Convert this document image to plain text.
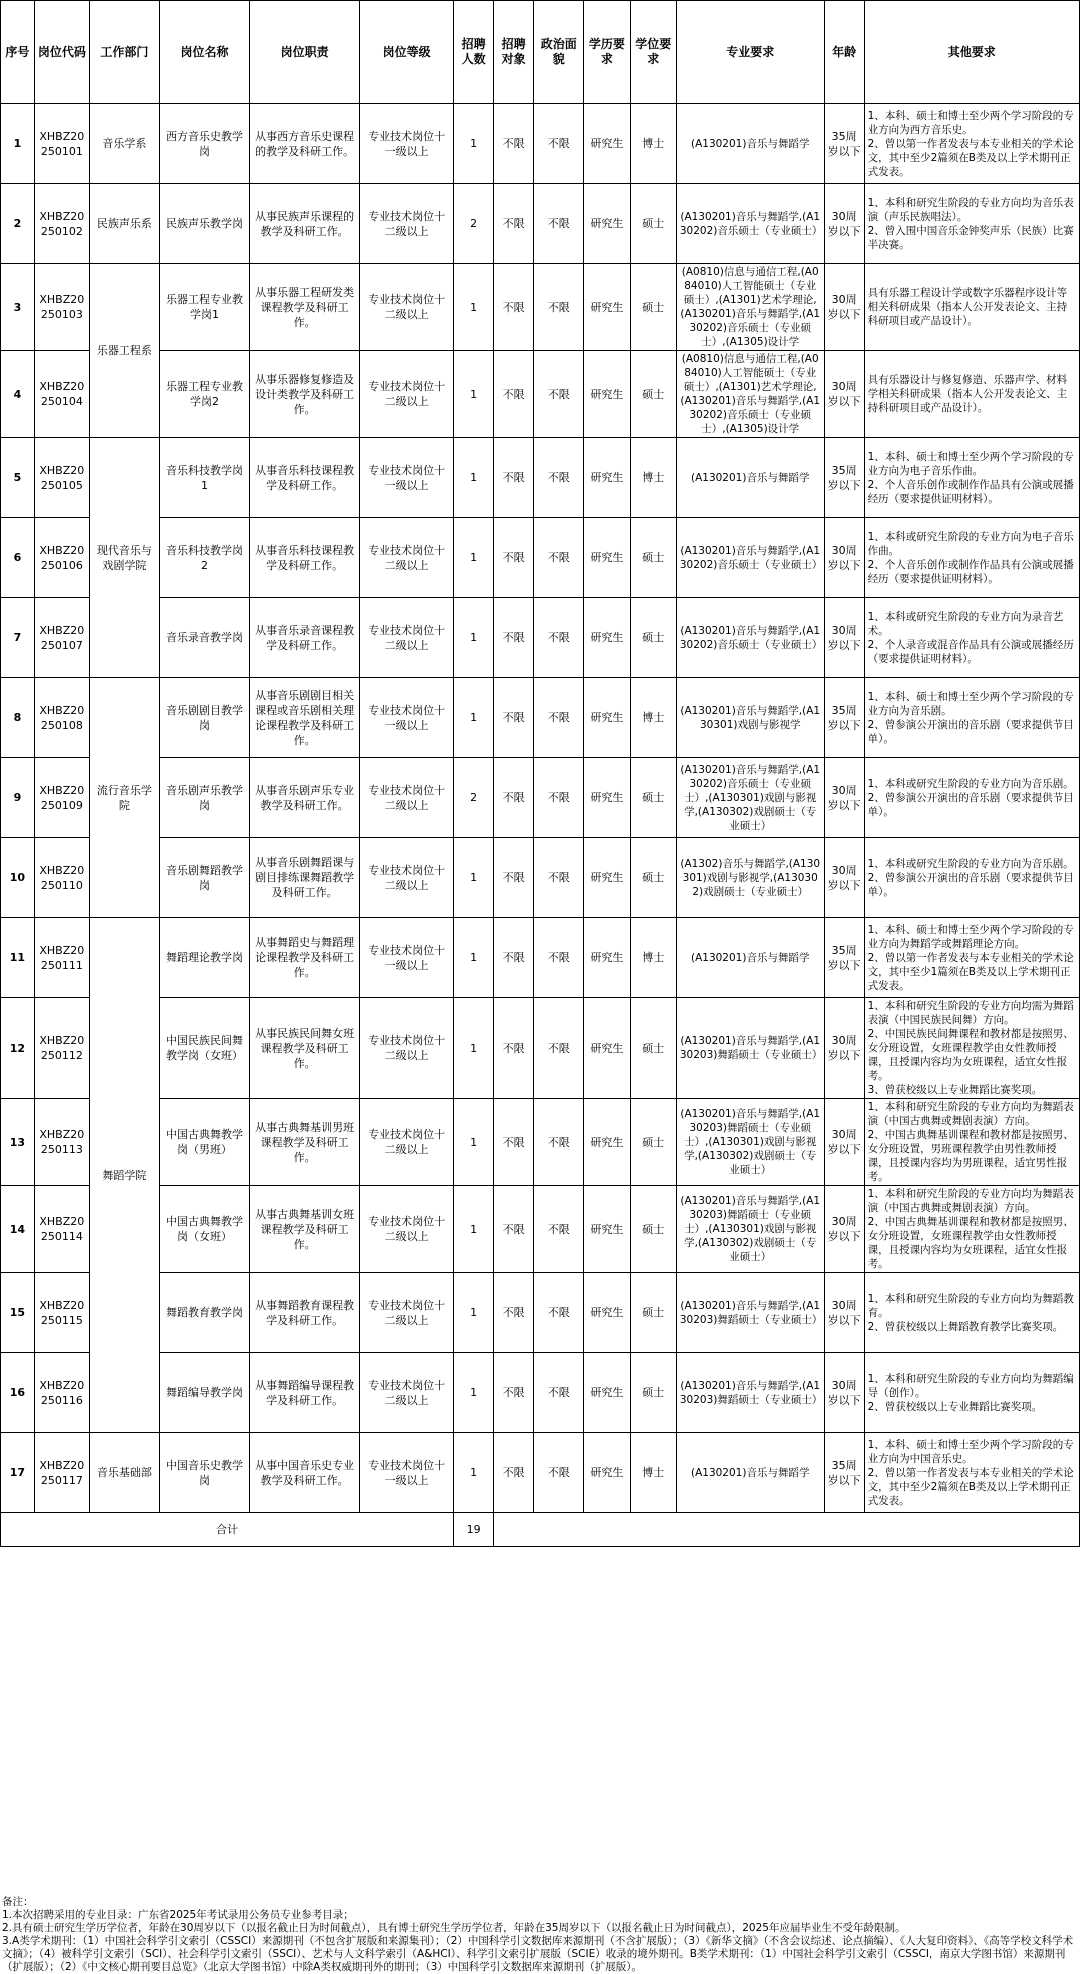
序号	岗位代码	工作部门	岗位名称	岗位职责	岗位等级	招聘人数	招聘对象	政治面貌	学历要求	学位要求	专业要求	年龄	其他要求
1	XHBZ20250101	音乐学系	西方音乐史教学岗	从事西方音乐史课程的教学及科研工作。	专业技术岗位十一级以上	1	不限	不限	研究生	博士	(A130201)音乐与舞蹈学	35周岁以下	1、本科、硕士和博士至少两个学习阶段的专业方向为西方音乐史。
2、曾以第一作者发表与本专业相关的学术论文，其中至少2篇须在B类及以上学术期刊正式发表。

2	XHBZ20250102	民族声乐系	民族声乐教学岗	从事民族声乐课程的教学及科研工作。	专业技术岗位十二级以上	2	不限	不限	研究生	硕士	(A130201)音乐与舞蹈学,(A130202)音乐硕士（专业硕士）	30周岁以下	1、本科和研究生阶段的专业方向均为音乐表演（声乐民族唱法）。
2、曾入围中国音乐金钟奖声乐（民族）比赛半决赛。

3	XHBZ20250103	乐器工程系	乐器工程专业教学岗1	从事乐器工程研发类课程教学及科研工作。	专业技术岗位十二级以上	1	不限	不限	研究生	硕士	(A0810)信息与通信工程,(A084010)人工智能硕士（专业硕士）,(A1301)艺术学理论,(A130201)音乐与舞蹈学,(A130202)音乐硕士（专业硕士）,(A1305)设计学	30周岁以下	具有乐器工程设计学或数字乐器程序设计等相关科研成果（指本人公开发表论文、主持科研项目或产品设计）。

4	XHBZ20250104		乐器工程专业教学岗2	从事乐器修复修造及设计类教学及科研工作。	专业技术岗位十二级以上	1	不限	不限	研究生	硕士	(A0810)信息与通信工程,(A084010)人工智能硕士（专业硕士）,(A1301)艺术学理论,(A130201)音乐与舞蹈学,(A130202)音乐硕士（专业硕士）,(A1305)设计学	30周岁以下	具有乐器设计与修复修造、乐器声学、材料学相关科研成果（指本人公开发表论文、主持科研项目或产品设计）。

5	XHBZ20250105	现代音乐与戏剧学院	音乐科技教学岗1	从事音乐科技课程教学及科研工作。	专业技术岗位十一级以上	1	不限	不限	研究生	博士	(A130201)音乐与舞蹈学	35周岁以下	1、本科、硕士和博士至少两个学习阶段的专业方向为电子音乐作曲。
2、个人音乐创作或制作作品具有公演或展播经历（要求提供证明材料）。

6	XHBZ20250106		音乐科技教学岗2	从事音乐科技课程教学及科研工作。	专业技术岗位十二级以上	1	不限	不限	研究生	硕士	(A130201)音乐与舞蹈学,(A130202)音乐硕士（专业硕士）	30周岁以下	1、本科或研究生阶段的专业方向为电子音乐作曲。
2、个人音乐创作或制作作品具有公演或展播经历（要求提供证明材料）。

7	XHBZ20250107		音乐录音教学岗	从事音乐录音课程教学及科研工作。	专业技术岗位十二级以上	1	不限	不限	研究生	硕士	(A130201)音乐与舞蹈学,(A130202)音乐硕士（专业硕士）	30周岁以下	1、本科或研究生阶段的专业方向为录音艺术。
2、个人录音或混音作品具有公演或展播经历（要求提供证明材料）。

8	XHBZ20250108	流行音乐学院	音乐剧剧目教学岗	从事音乐剧剧目相关课程或音乐剧相关理论课程教学及科研工作。	专业技术岗位十一级以上	1	不限	不限	研究生	博士	(A130201)音乐与舞蹈学,(A130301)戏剧与影视学	35周岁以下	1、本科、硕士和博士至少两个学习阶段的专业方向为音乐剧。
2、曾参演公开演出的音乐剧（要求提供节目单）。

9	XHBZ20250109		音乐剧声乐教学岗	从事音乐剧声乐专业教学及科研工作。	专业技术岗位十二级以上	2	不限	不限	研究生	硕士	(A130201)音乐与舞蹈学,(A130202)音乐硕士（专业硕士）,(A130301)戏剧与影视学,(A130302)戏剧硕士（专业硕士）	30周岁以下	1、本科或研究生阶段的专业方向为音乐剧。
2、曾参演公开演出的音乐剧（要求提供节目单）。

10	XHBZ20250110		音乐剧舞蹈教学岗	从事音乐剧舞蹈课与剧目排练课舞蹈教学及科研工作。	专业技术岗位十二级以上	1	不限	不限	研究生	硕士	(A1302)音乐与舞蹈学,(A130301)戏剧与影视学,(A130302)戏剧硕士（专业硕士）	30周岁以下	1、本科或研究生阶段的专业方向为音乐剧。
2、曾参演公开演出的音乐剧（要求提供节目单）。

11	XHBZ20250111	舞蹈学院	舞蹈理论教学岗	从事舞蹈史与舞蹈理论课程教学及科研工作。	专业技术岗位十一级以上	1	不限	不限	研究生	博士	(A130201)音乐与舞蹈学	35周岁以下	1、本科、硕士和博士至少两个学习阶段的专业方向为舞蹈学或舞蹈理论方向。
2、曾以第一作者发表与本专业相关的学术论文，其中至少1篇须在B类及以上学术期刊正式发表。

12	XHBZ20250112		中国民族民间舞教学岗（女班）	从事民族民间舞女班课程教学及科研工作。	专业技术岗位十二级以上	1	不限	不限	研究生	硕士	(A130201)音乐与舞蹈学,(A130203)舞蹈硕士（专业硕士）	30周岁以下	1、本科和研究生阶段的专业方向均需为舞蹈表演（中国民族民间舞）方向。
2、中国民族民间舞课程和教材都是按照男、女分班设置，女班课程教学由女性教师授课，且授课内容均为女班课程，适宜女性报考。
3、曾获校级以上专业舞蹈比赛奖项。

13	XHBZ20250113		中国古典舞教学岗（男班）	从事古典舞基训男班课程教学及科研工作。	专业技术岗位十二级以上	1	不限	不限	研究生	硕士	(A130201)音乐与舞蹈学,(A130203)舞蹈硕士（专业硕士）,(A130301)戏剧与影视学,(A130302)戏剧硕士（专业硕士）	30周岁以下	1、本科和研究生阶段的专业方向均为舞蹈表演（中国古典舞或舞剧表演）方向。
2、中国古典舞基训课程和教材都是按照男、女分班设置，男班课程教学由男性教师授课，且授课内容均为男班课程，适宜男性报考。

14	XHBZ20250114		中国古典舞教学岗（女班）	从事古典舞基训女班课程教学及科研工作。	专业技术岗位十二级以上	1	不限	不限	研究生	硕士	(A130201)音乐与舞蹈学,(A130203)舞蹈硕士（专业硕士）,(A130301)戏剧与影视学,(A130302)戏剧硕士（专业硕士）	30周岁以下	1、本科和研究生阶段的专业方向均为舞蹈表演（中国古典舞或舞剧表演）方向。
2、中国古典舞基训课程和教材都是按照男、女分班设置，女班课程教学由女性教师授课，且授课内容均为女班课程，适宜女性报考。

15	XHBZ20250115		舞蹈教育教学岗	从事舞蹈教育课程教学及科研工作。	专业技术岗位十二级以上	1	不限	不限	研究生	硕士	(A130201)音乐与舞蹈学,(A130203)舞蹈硕士（专业硕士）	30周岁以下	1、本科和研究生阶段的专业方向均为舞蹈教育。
2、曾获校级以上舞蹈教育教学比赛奖项。

16	XHBZ20250116		舞蹈编导教学岗	从事舞蹈编导课程教学及科研工作。	专业技术岗位十二级以上	1	不限	不限	研究生	硕士	(A130201)音乐与舞蹈学,(A130203)舞蹈硕士（专业硕士）	30周岁以下	1、本科和研究生阶段的专业方向均为舞蹈编导（创作）。
2、曾获校级以上专业舞蹈比赛奖项。

17	XHBZ20250117	音乐基础部	中国音乐史教学岗	从事中国音乐史专业教学及科研工作。	专业技术岗位十一级以上	1	不限	不限	研究生	博士	(A130201)音乐与舞蹈学	35周岁以下	1、本科、硕士和博士至少两个学习阶段的专业方向为中国音乐史。
2、曾以第一作者发表与本专业相关的学术论文，其中至少2篇须在B类及以上学术期刊正式发表。

合计						19							
备注：
1.本次招聘采用的专业目录：广东省2025年考试录用公务员专业参考目录；
2.具有硕士研究生学历学位者，年龄在30周岁以下（以报名截止日为时间截点），具有博士研究生学历学位者，年龄在35周岁以下（以报名截止日为时间截点），2025年应届毕业生不受年龄限制。
3.A类学术期刊：（1）中国社会科学引文索引（CSSCI）来源期刊（不包含扩展版和来源集刊）；（2）中国科学引文数据库来源期刊（不含扩展版）；（3）《新华文摘》（不含会议综述、论点摘编）、《人大复印资料》、《高等学校文科学术文摘》；（4）被科学引文索引（SCI）、社会科学引文索引（SSCI）、艺术与人文科学索引（A&HCI）、科学引文索引扩展版（SCIE）收录的境外期刊。B类学术期刊：（1）中国社会科学引文索引（CSSCI，南京大学图书馆）来源期刊（扩展版）；（2）《中文核心期刊要目总览》（北京大学图书馆）中除A类权威期刊外的期刊；（3）中国科学引文数据库来源期刊（扩展版）。
